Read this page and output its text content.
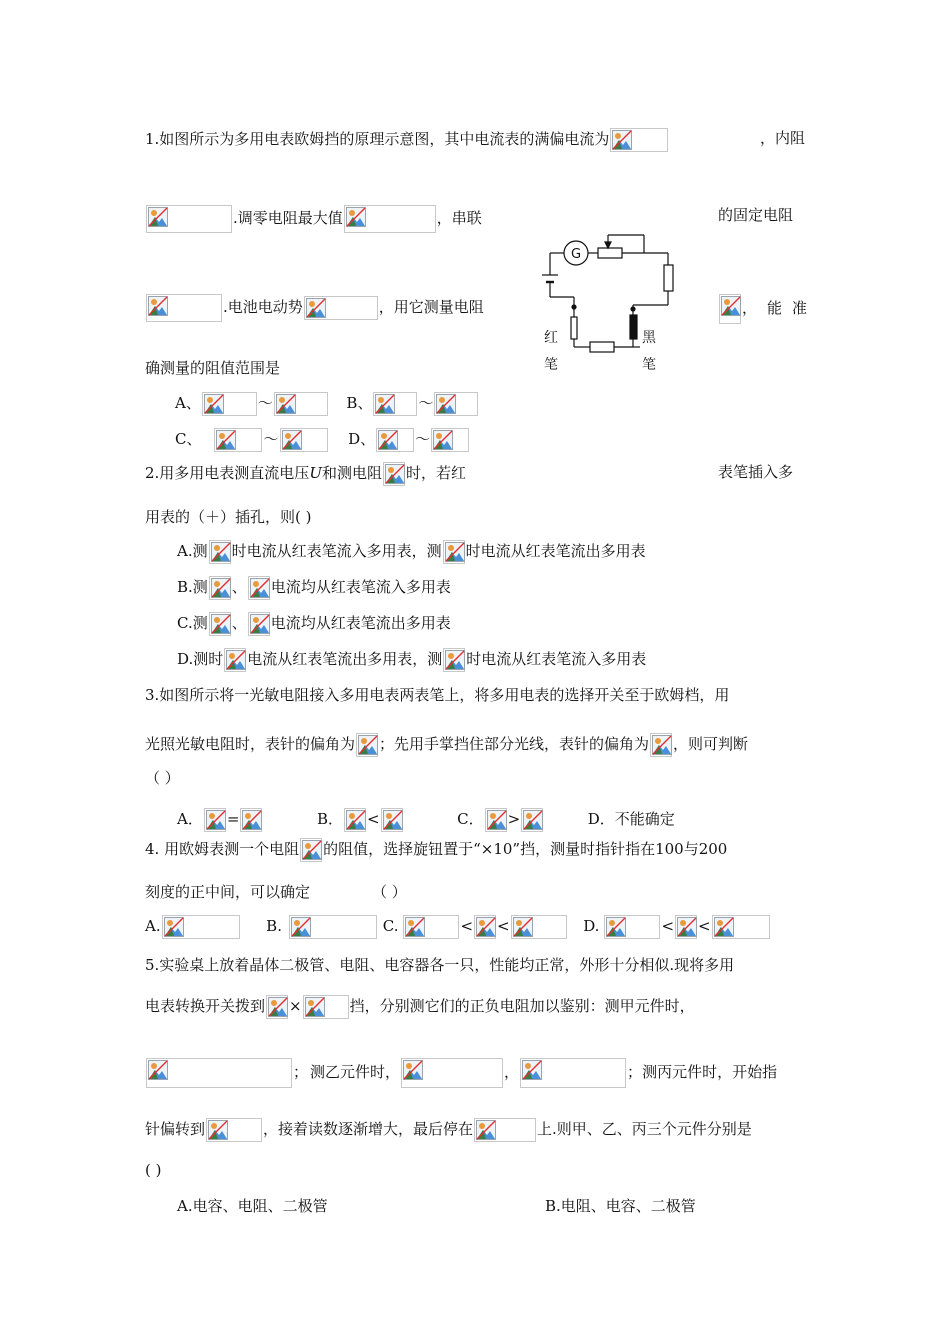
1.如图所示为多用电表欧姆挡的原理示意图，其中电流表的满偏电流为	，内阻
.调零电阻最大值	，串联	的固定电阻
.电池电动势	，用它测量电阻	，能准
确测量的阻值范围是
A、	～	B、	～
C、	～	D、	～
G
红
笔
黑
笔
2.用多用电表测直流电压U和测电阻 时，若红	表笔插入多
用表的（＋）插孔，则( )
A.测 时电流从红表笔流入多用表，测 时电流从红表笔流出多用表
B.测 、 电流均从红表笔流入多用表
C.测 、 电流均从红表笔流出多用表
D.测时 电流从红表笔流出多用表，测 时电流从红表笔流入多用表
3.如图所示将一光敏电阻接入多用电表两表笔上，将多用电表的选择开关至于欧姆档，用
光照光敏电阻时，表针的偏角为 ；先用手掌挡住部分光线，表针的偏角为 ，则可判断
（ ）
A． =	B． <	C． >	D．不能确定
4. 用欧姆表测一个电阻 的阻值，选择旋钮置于“×10”挡，测量时指针指在100与200
刻度的正中间，可以确定	（ ）
A.	B.	C.	< <	D.	< <
5.实验桌上放着晶体二极管、电阻、电容器各一只，性能均正常，外形十分相似.现将多用
电表转换开关拨到 ×	挡，分别测它们的正负电阻加以鉴别：测甲元件时，
； 测乙元件时，	，	；测丙元件时，开始指
针偏转到	，接着读数逐渐增大，最后停在	上.则甲、乙、丙三个元件分别是
( )
A.电容、电阻、二极管	B.电阻、电容、二极管
